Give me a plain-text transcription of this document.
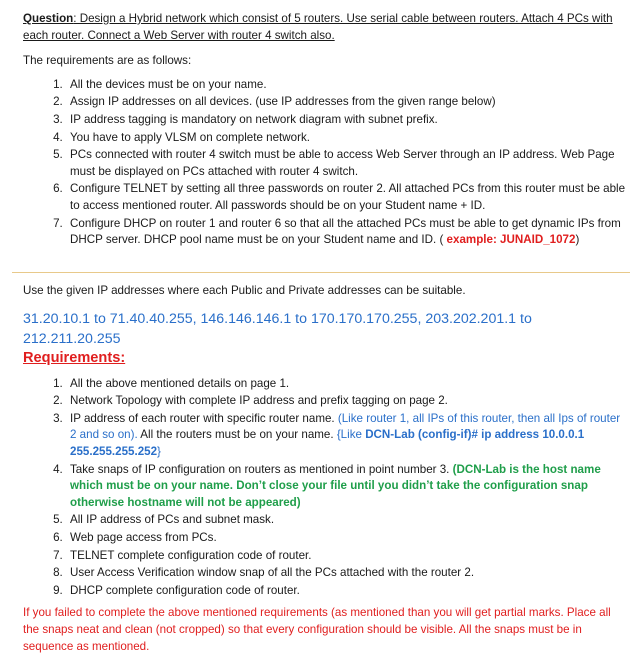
Question: Design a Hybrid network which consist of 5 routers. Use serial cable between routers. Attach 4 PCs with each router. Connect a Web Server with router 4 switch also.

The requirements are as follows:

1. All the devices must be on your name.
2. Assign IP addresses on all devices. (use IP addresses from the given range below)
3. IP address tagging is mandatory on network diagram with subnet prefix.
4. You have to apply VLSM on complete network.
5. PCs connected with router 4 switch must be able to access Web Server through an IP address. Web Page must be displayed on PCs attached with router 4 switch.
6. Configure TELNET by setting all three passwords on router 2. All attached PCs from this router must be able to access mentioned router. All passwords should be on your Student name + ID.
7. Configure DHCP on router 1 and router 6 so that all the attached PCs must be able to get dynamic IPs from DHCP server. DHCP pool name must be on your Student name and ID. ( example: JUNAID_1072)

Use the given IP addresses where each Public and Private addresses can be suitable.

31.20.10.1 to 71.40.40.255, 146.146.146.1 to 170.170.170.255, 203.202.201.1 to 212.211.20.255

Requirements:

1. All the above mentioned details on page 1.
2. Network Topology with complete IP address and prefix tagging on page 2.
3. IP address of each router with specific router name. (Like router 1, all IPs of this router, then all Ips of router 2 and so on). All the routers must be on your name. {Like DCN-Lab (config-if)# ip address 10.0.0.1 255.255.255.252}
4. Take snaps of IP configuration on routers as mentioned in point number 3. (DCN-Lab is the host name which must be on your name. Don’t close your file until you didn’t take the configuration snap otherwise hostname will not be appeared)
5. All IP address of PCs and subnet mask.
6. Web page access from PCs.
7. TELNET complete configuration code of router.
8. User Access Verification window snap of all the PCs attached with the router 2.
9. DHCP complete configuration code of router.

If you failed to complete the above mentioned requirements (as mentioned than you will get partial marks. Place all the snaps neat and clean (not cropped) so that every configuration should be visible. All the snaps must be in sequence as mentioned.
